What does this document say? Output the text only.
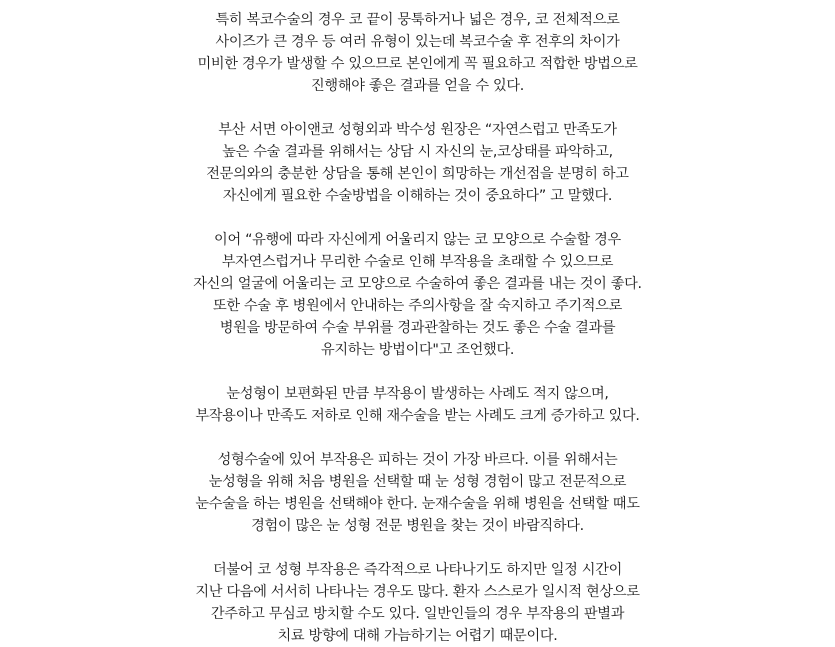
특히 복코수술의 경우 코 끝이 뭉툭하거나 넓은 경우, 코 전체적으로
사이즈가 큰 경우 등 여러 유형이 있는데 복코수술 후 전후의 차이가
미비한 경우가 발생할 수 있으므로 본인에게 꼭 필요하고 적합한 방법으로
진행해야 좋은 결과를 얻을 수 있다.

부산 서면 아이앤코 성형외과 박수성 원장은 “자연스럽고 만족도가
높은 수술 결과를 위해서는 상담 시 자신의 눈,코상태를 파악하고,
전문의와의 충분한 상담을 통해 본인이 희망하는 개선점을 분명히 하고
자신에게 필요한 수술방법을 이해하는 것이 중요하다” 고 말했다.

이어 “유행에 따라 자신에게 어울리지 않는 코 모양으로 수술할 경우
부자연스럽거나 무리한 수술로 인해 부작용을 초래할 수 있으므로
자신의 얼굴에 어울리는 코 모양으로 수술하여 좋은 결과를 내는 것이 좋다.
또한 수술 후 병원에서 안내하는 주의사항을 잘 숙지하고 주기적으로
병원을 방문하여 수술 부위를 경과관찰하는 것도 좋은 수술 결과를
유지하는 방법이다"고 조언했다.

눈성형이 보편화된 만큼 부작용이 발생하는 사례도 적지 않으며,
부작용이나 만족도 저하로 인해 재수술을 받는 사례도 크게 증가하고 있다.

성형수술에 있어 부작용은 피하는 것이 가장 바르다. 이를 위해서는
눈성형을 위해 처음 병원을 선택할 때 눈 성형 경험이 많고 전문적으로
눈수술을 하는 병원을 선택해야 한다. 눈재수술을 위해 병원을 선택할 때도
경험이 많은 눈 성형 전문 병원을 찾는 것이 바람직하다.

더불어 코 성형 부작용은 즉각적으로 나타나기도 하지만 일정 시간이
지난 다음에 서서히 나타나는 경우도 많다. 환자 스스로가 일시적 현상으로
간주하고 무심코 방치할 수도 있다. 일반인들의 경우 부작용의 판별과
치료 방향에 대해 가늠하기는 어렵기 때문이다.
